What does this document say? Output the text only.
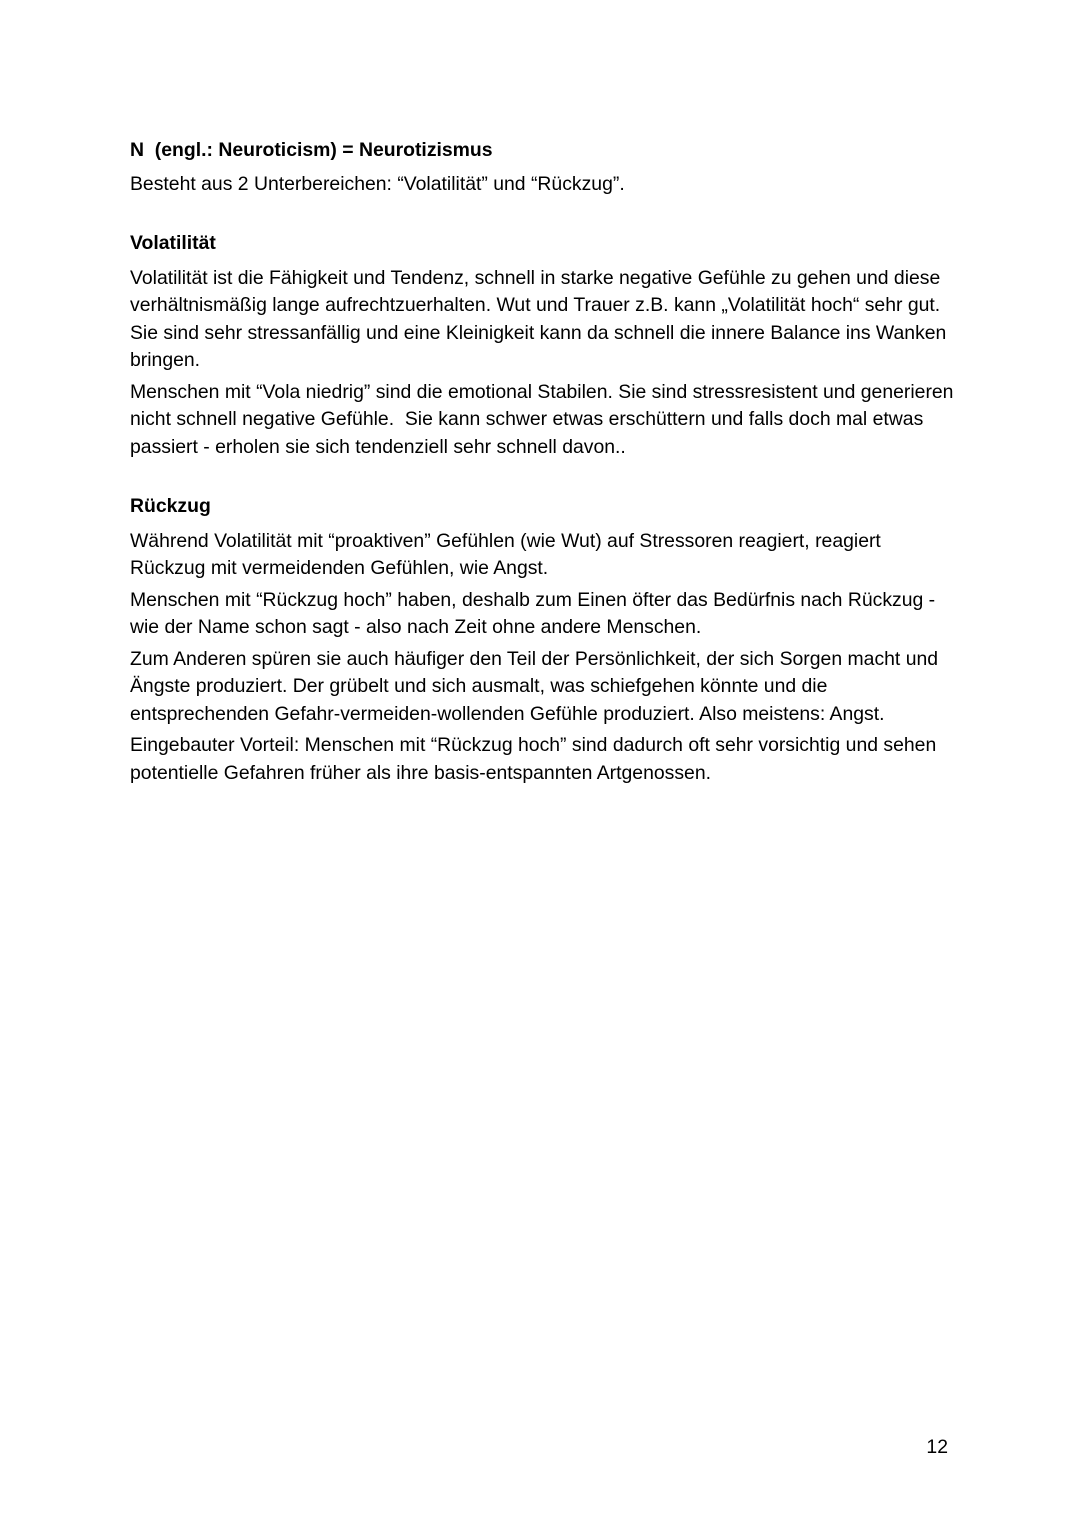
N  (engl.: Neuroticism) = Neurotizismus

Besteht aus 2 Unterbereichen: “Volatilität” und “Rückzug”.

Volatilität

Volatilität ist die Fähigkeit und Tendenz, schnell in starke negative Gefühle zu gehen und diese verhältnismäßig lange aufrechtzuerhalten. Wut und Trauer z.B. kann „Volatilität hoch“ sehr gut. Sie sind sehr stressanfällig und eine Kleinigkeit kann da schnell die innere Balance ins Wanken bringen.

Menschen mit “Vola niedrig” sind die emotional Stabilen. Sie sind stressresistent und generieren nicht schnell negative Gefühle.  Sie kann schwer etwas erschüttern und falls doch mal etwas passiert - erholen sie sich tendenziell sehr schnell davon..

Rückzug

Während Volatilität mit “proaktiven” Gefühlen (wie Wut) auf Stressoren reagiert, reagiert Rückzug mit vermeidenden Gefühlen, wie Angst.

Menschen mit “Rückzug hoch” haben, deshalb zum Einen öfter das Bedürfnis nach Rückzug - wie der Name schon sagt - also nach Zeit ohne andere Menschen.

Zum Anderen spüren sie auch häufiger den Teil der Persönlichkeit, der sich Sorgen macht und Ängste produziert. Der grübelt und sich ausmalt, was schiefgehen könnte und die entsprechenden Gefahr-vermeiden-wollenden Gefühle produziert. Also meistens: Angst.

Eingebauter Vorteil: Menschen mit “Rückzug hoch” sind dadurch oft sehr vorsichtig und sehen potentielle Gefahren früher als ihre basis-entspannten Artgenossen.

12
